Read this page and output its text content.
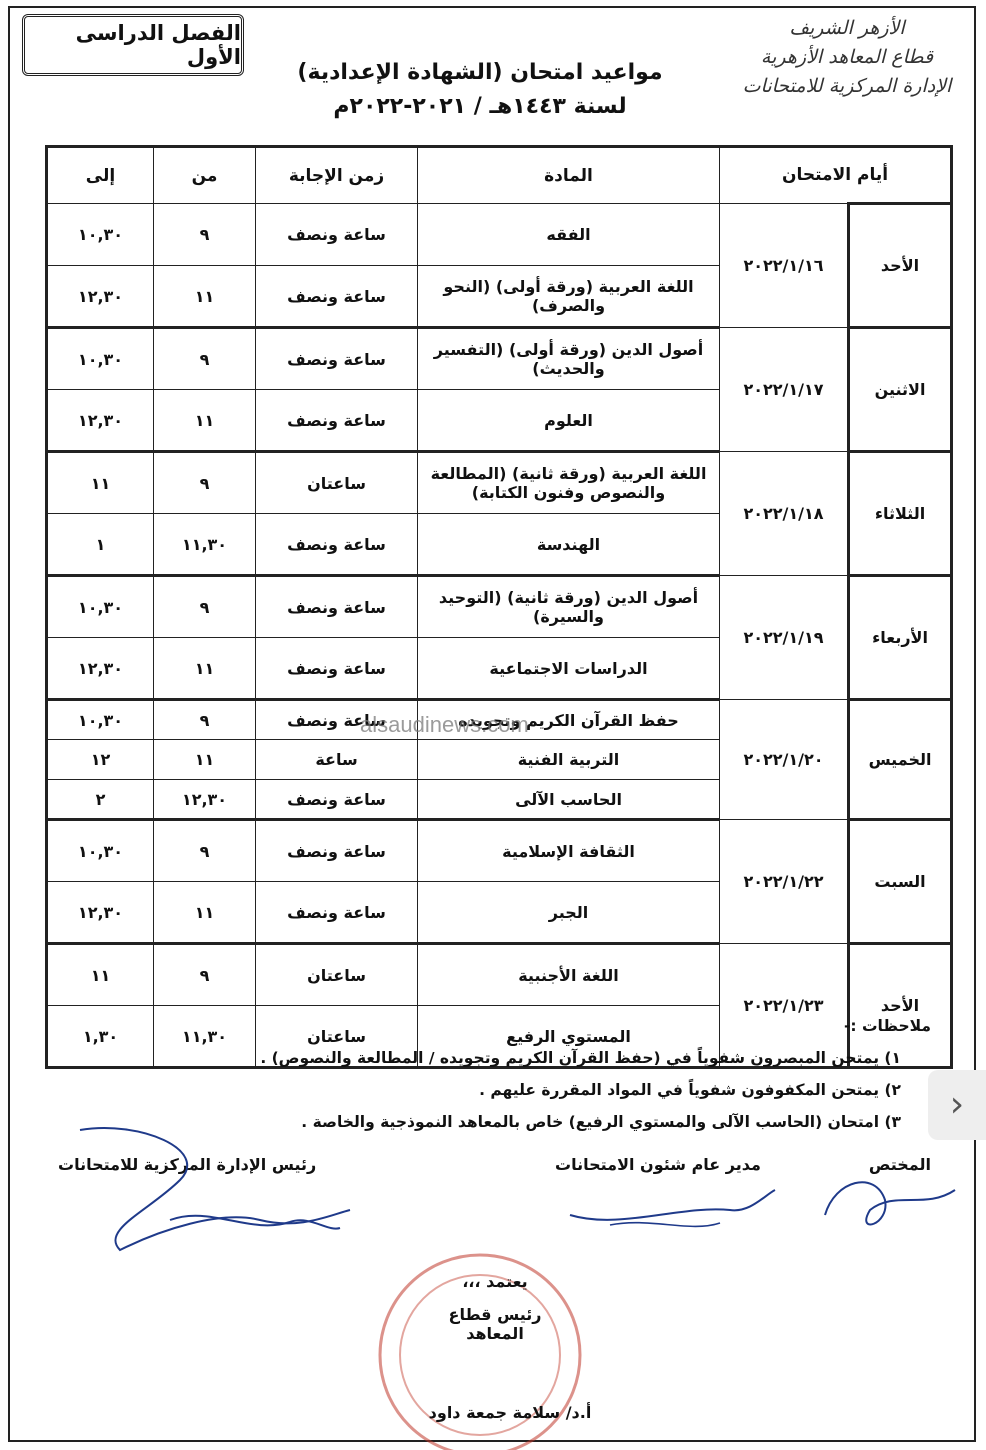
الفصل الدراسى الأول
الأزهر الشريف
قطاع المعاهد الأزهرية
الإدارة المركزية للامتحانات
مواعيد امتحان (الشهادة الإعدادية)
لسنة ١٤٤٣هـ / ٢٠٢١-٢٠٢٢م
أيام الامتحان		المادة	زمن الإجابة	من	إلى
الأحد	٢٠٢٢/١/١٦	الفقه	ساعة ونصف	٩	١٠,٣٠
		اللغة العربية (ورقة أولى) (النحو والصرف)	ساعة ونصف	١١	١٢,٣٠
الاثنين	٢٠٢٢/١/١٧	أصول الدين (ورقة أولى) (التفسير والحديث)	ساعة ونصف	٩	١٠,٣٠
		العلوم	ساعة ونصف	١١	١٢,٣٠
الثلاثاء	٢٠٢٢/١/١٨	اللغة العربية (ورقة ثانية) (المطالعة والنصوص وفنون الكتابة)	ساعتان	٩	١١
		الهندسة	ساعة ونصف	١١,٣٠	١
الأربعاء	٢٠٢٢/١/١٩	أصول الدين (ورقة ثانية) (التوحيد والسيرة)	ساعة ونصف	٩	١٠,٣٠
		الدراسات الاجتماعية	ساعة ونصف	١١	١٢,٣٠
الخميس	٢٠٢٢/١/٢٠	حفظ القرآن الكريم وتجويده	ساعة ونصف	٩	١٠,٣٠
		التربية الفنية	ساعة	١١	١٢
		الحاسب الآلى	ساعة ونصف	١٢,٣٠	٢
السبت	٢٠٢٢/١/٢٢	الثقافة الإسلامية	ساعة ونصف	٩	١٠,٣٠
		الجبر	ساعة ونصف	١١	١٢,٣٠
الأحد	٢٠٢٢/١/٢٣	اللغة الأجنبية	ساعتان	٩	١١
		المستوي الرفيع	ساعتان	١١,٣٠	١,٣٠
alsaudinews.com
ملاحظات :-
١) يمتحن المبصرون شفوياً في (حفظ القرآن الكريم وتجويده / المطالعة والنصوص) .
٢) يمتحن المكفوفون شفوياً في المواد المقررة عليهم .
٣) امتحان (الحاسب الآلى والمستوي الرفيع) خاص بالمعاهد النموذجية والخاصة .	›
المختص
مدير عام شئون الامتحانات
رئيس الإدارة المركزية للامتحانات
يعتمد ،،،
رئيس قطاع المعاهد
أ.د/ سلامة جمعة داود
